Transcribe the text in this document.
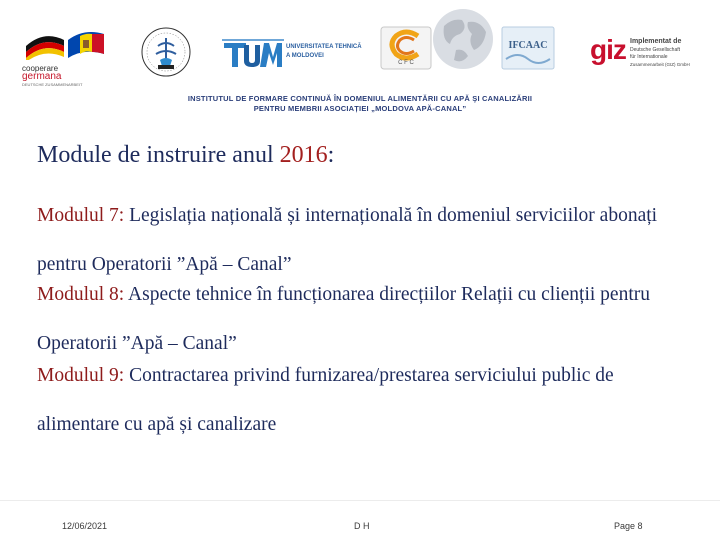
cooperare
germana
DEUTSCHE ZUSAMMENARBEIT
UNIVERSITATEA TEHNICĂ
A MOLDOVEI
C F C
IFCAAC	giz Implementat de
Deutsche Gesellschaft
für Internationale
Zusammenarbeit (GIZ) GmbH
INSTITUTUL DE FORMARE CONTINUĂ ÎN DOMENIUL ALIMENTĂRII CU APĂ ŞI CANALIZĂRII
PENTRU MEMBRII ASOCIAȚIEI „MOLDOVA APĂ-CANAL”
Module de instruire anul 2016:
Modulul 7: Legislația națională și internațională în domeniul serviciilor abonați pentru Operatorii ”Apă – Canal”
Modulul 8: Aspecte tehnice în funcționarea direcțiilor Relații cu clienții pentru Operatorii ”Apă – Canal”
Modulul 9: Contractarea privind furnizarea/prestarea serviciului public de alimentare cu apă și canalizare
12/06/2021	D H	Page 8
